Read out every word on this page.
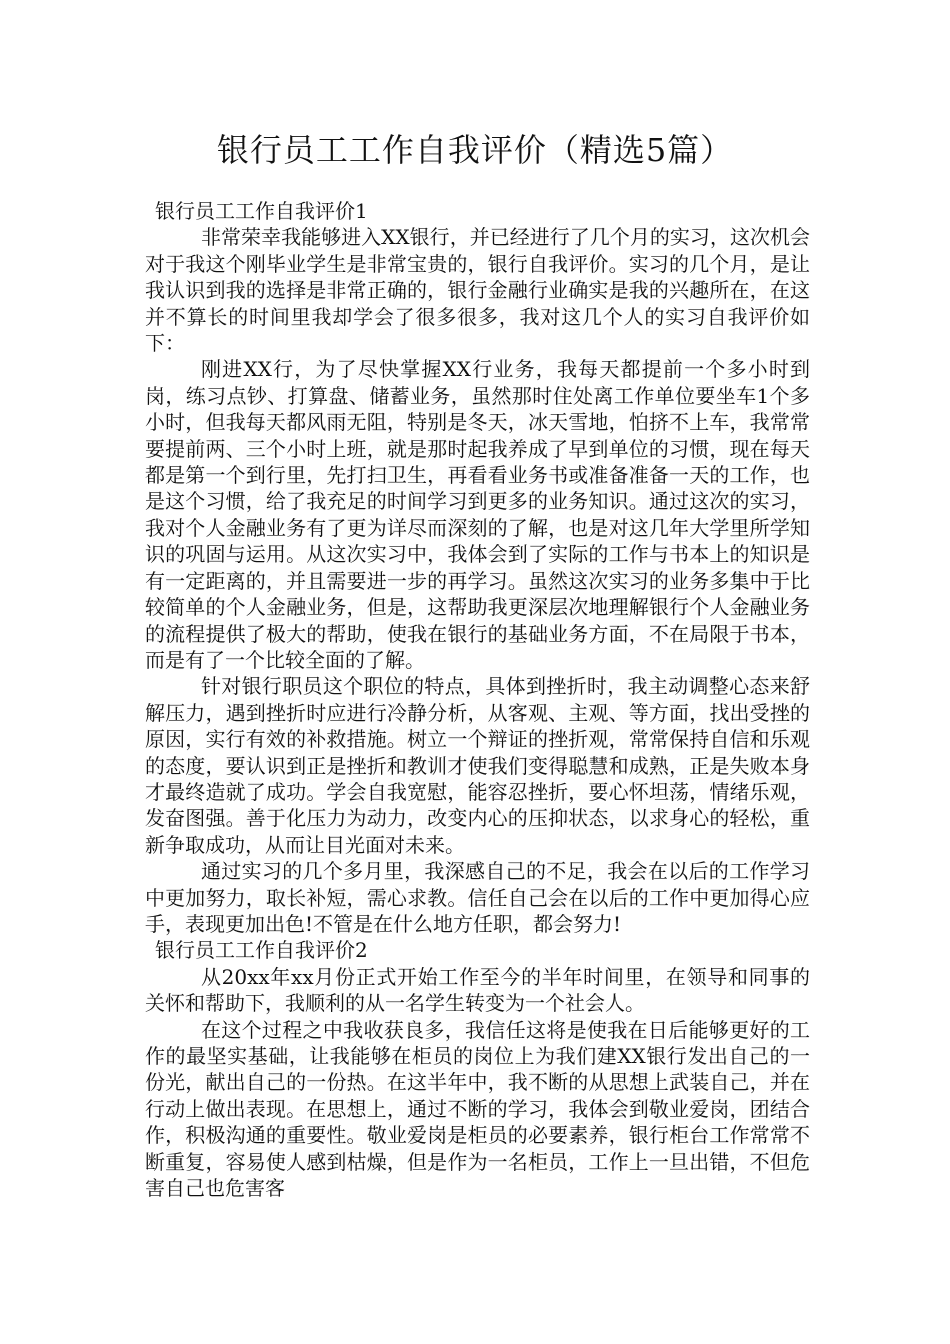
银行员工工作自我评价（精选5篇）
银行员工工作自我评价1

非常荣幸我能够进入XX银行，并已经进行了几个月的实习，这次机会对于我这个刚毕业学生是非常宝贵的，银行自我评价。实习的几个月，是让我认识到我的选择是非常正确的，银行金融行业确实是我的兴趣所在，在这并不算长的时间里我却学会了很多很多，我对这几个人的实习自我评价如下：

刚进XX行，为了尽快掌握XX行业务，我每天都提前一个多小时到岗，练习点钞、打算盘、储蓄业务，虽然那时住处离工作单位要坐车1个多小时，但我每天都风雨无阻，特别是冬天，冰天雪地，怕挤不上车，我常常要提前两、三个小时上班，就是那时起我养成了早到单位的习惯，现在每天都是第一个到行里，先打扫卫生，再看看业务书或准备准备一天的工作，也是这个习惯，给了我充足的时间学习到更多的业务知识。通过这次的实习，我对个人金融业务有了更为详尽而深刻的了解，也是对这几年大学里所学知识的巩固与运用。从这次实习中，我体会到了实际的工作与书本上的知识是有一定距离的，并且需要进一步的再学习。虽然这次实习的业务多集中于比较简单的个人金融业务，但是，这帮助我更深层次地理解银行个人金融业务的流程提供了极大的帮助，使我在银行的基础业务方面，不在局限于书本，而是有了一个比较全面的了解。

针对银行职员这个职位的特点，具体到挫折时，我主动调整心态来舒解压力，遇到挫折时应进行冷静分析，从客观、主观、等方面，找出受挫的原因，实行有效的补救措施。树立一个辩证的挫折观，常常保持自信和乐观的态度，要认识到正是挫折和教训才使我们变得聪慧和成熟，正是失败本身才最终造就了成功。学会自我宽慰，能容忍挫折，要心怀坦荡，情绪乐观，发奋图强。善于化压力为动力，改变内心的压抑状态，以求身心的轻松，重新争取成功，从而让目光面对未来。

通过实习的几个多月里，我深感自己的不足，我会在以后的工作学习中更加努力，取长补短，需心求教。信任自己会在以后的工作中更加得心应手，表现更加出色!不管是在什么地方任职，都会努力!

银行员工工作自我评价2

从20xx年xx月份正式开始工作至今的半年时间里，在领导和同事的关怀和帮助下，我顺利的从一名学生转变为一个社会人。

在这个过程之中我收获良多，我信任这将是使我在日后能够更好的工作的最坚实基础，让我能够在柜员的岗位上为我们建XX银行发出自己的一份光，献出自己的一份热。在这半年中，我不断的从思想上武装自己，并在行动上做出表现。在思想上，通过不断的学习，我体会到敬业爱岗，团结合作，积极沟通的重要性。敬业爱岗是柜员的必要素养，银行柜台工作常常不断重复，容易使人感到枯燥，但是作为一名柜员，工作上一旦出错，不但危害自己也危害客
